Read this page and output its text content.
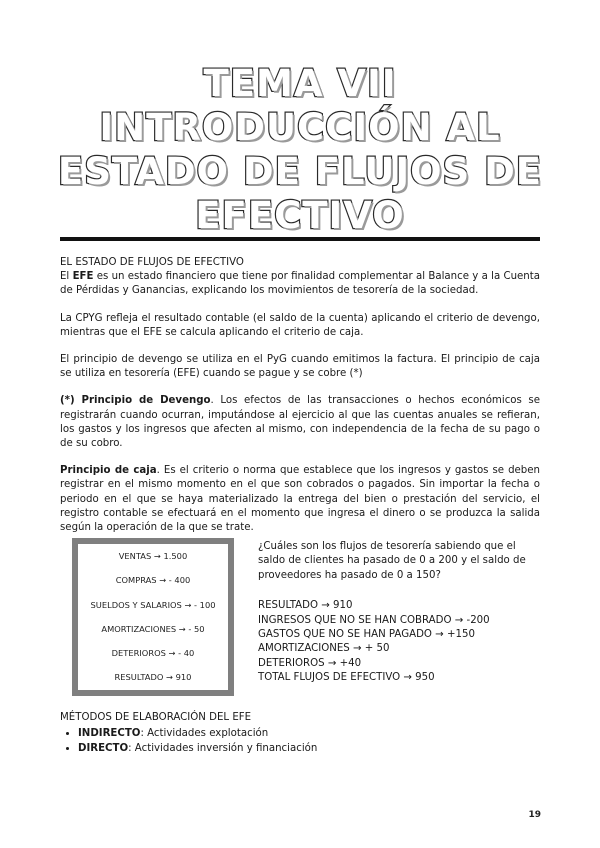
TEMA VII
INTRODUCCIÓN AL
ESTADO DE FLUJOS DE
EFECTIVO
EL ESTADO DE FLUJOS DE EFECTIVO

El EFE es un estado financiero que tiene por finalidad complementar al Balance y a la Cuenta de Pérdidas y Ganancias, explicando los movimientos de tesorería de la sociedad.

La CPYG refleja el resultado contable (el saldo de la cuenta) aplicando el criterio de devengo, mientras que el EFE se calcula aplicando el criterio de caja.

El principio de devengo se utiliza en el PyG cuando emitimos la factura. El principio de caja se utiliza en tesorería (EFE) cuando se pague y se cobre (*)

(*) Principio de Devengo. Los efectos de las transacciones o hechos económicos se registrarán cuando ocurran, imputándose al ejercicio al que las cuentas anuales se refieran, los gastos y los ingresos que afecten al mismo, con independencia de la fecha de su pago o de su cobro.

Principio de caja. Es el criterio o norma que establece que los ingresos y gastos se deben registrar en el mismo momento en el que son cobrados o pagados. Sin importar la fecha o periodo en el que se haya materializado la entrega del bien o prestación del servicio, el registro contable se efectuará en el momento que ingresa el dinero o se produzca la salida según la operación de la que se trate.

VENTAS → 1.500
COMPRAS → - 400
SUELDOS Y SALARIOS → - 100
AMORTIZACIONES → - 50
DETERIOROS → - 40
RESULTADO → 910

¿Cuáles son los flujos de tesorería sabiendo que el saldo de clientes ha pasado de 0 a 200 y el saldo de proveedores ha pasado de 0 a 150?

RESULTADO → 910

INGRESOS QUE NO SE HAN COBRADO → -200

GASTOS QUE NO SE HAN PAGADO → +150

AMORTIZACIONES → + 50

DETERIOROS → +40

TOTAL FLUJOS DE EFECTIVO → 950

MÉTODOS DE ELABORACIÓN DEL EFE
• INDIRECTO: Actividades explotación
• DIRECTO: Actividades inversión y financiación
19
